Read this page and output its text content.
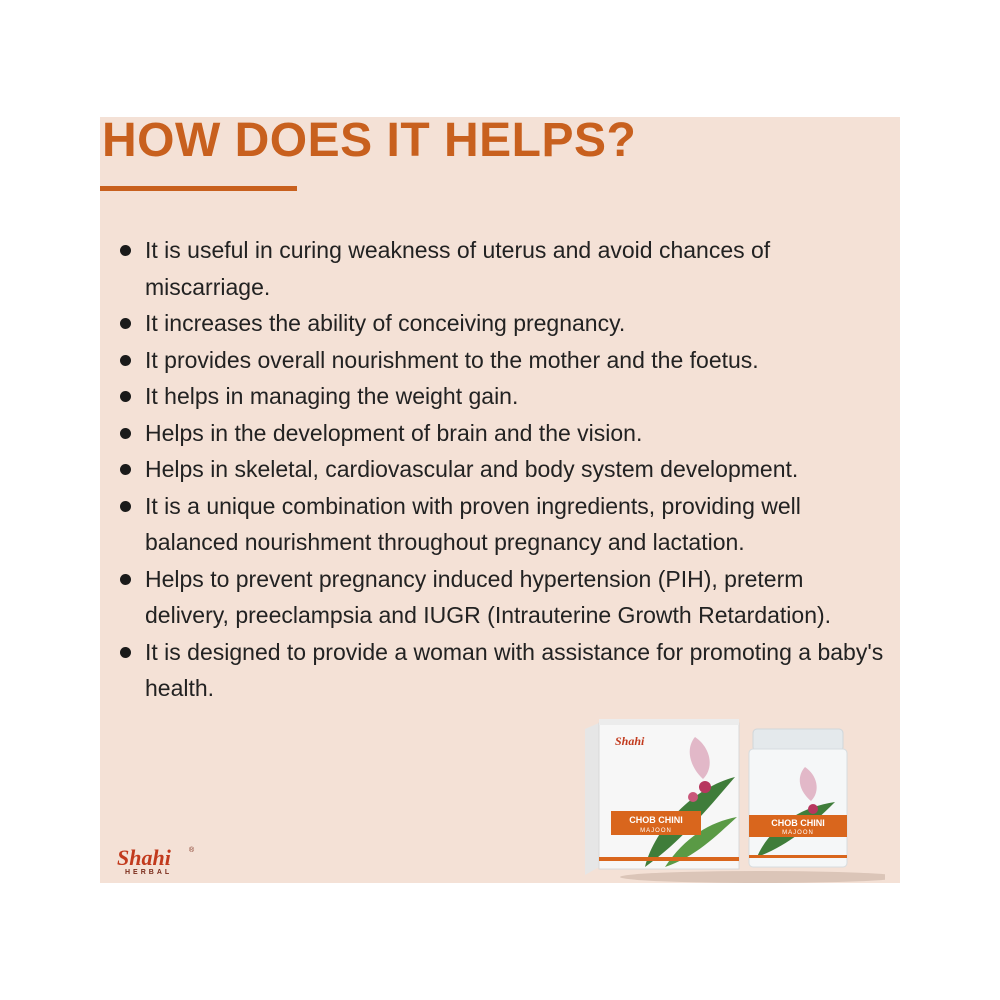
HOW DOES IT HELPS?
It is useful in curing weakness of uterus and avoid chances of miscarriage.
It increases the ability of conceiving pregnancy.
It provides overall nourishment to the mother and the foetus.
It helps in managing the weight gain.
Helps in the development of brain and the vision.
Helps in skeletal, cardiovascular and body system development.
It is a unique combination with proven ingredients, providing well balanced nourishment throughout pregnancy and lactation.
Helps to prevent pregnancy induced hypertension (PIH), preterm delivery, preeclampsia and IUGR (Intrauterine Growth Retardation).
It is designed to provide a woman with assistance for promoting a baby's health.
Shahi	®
HERBAL
Shahi
CHOB CHINI
MAJOON
CHOB CHINI
MAJOON
